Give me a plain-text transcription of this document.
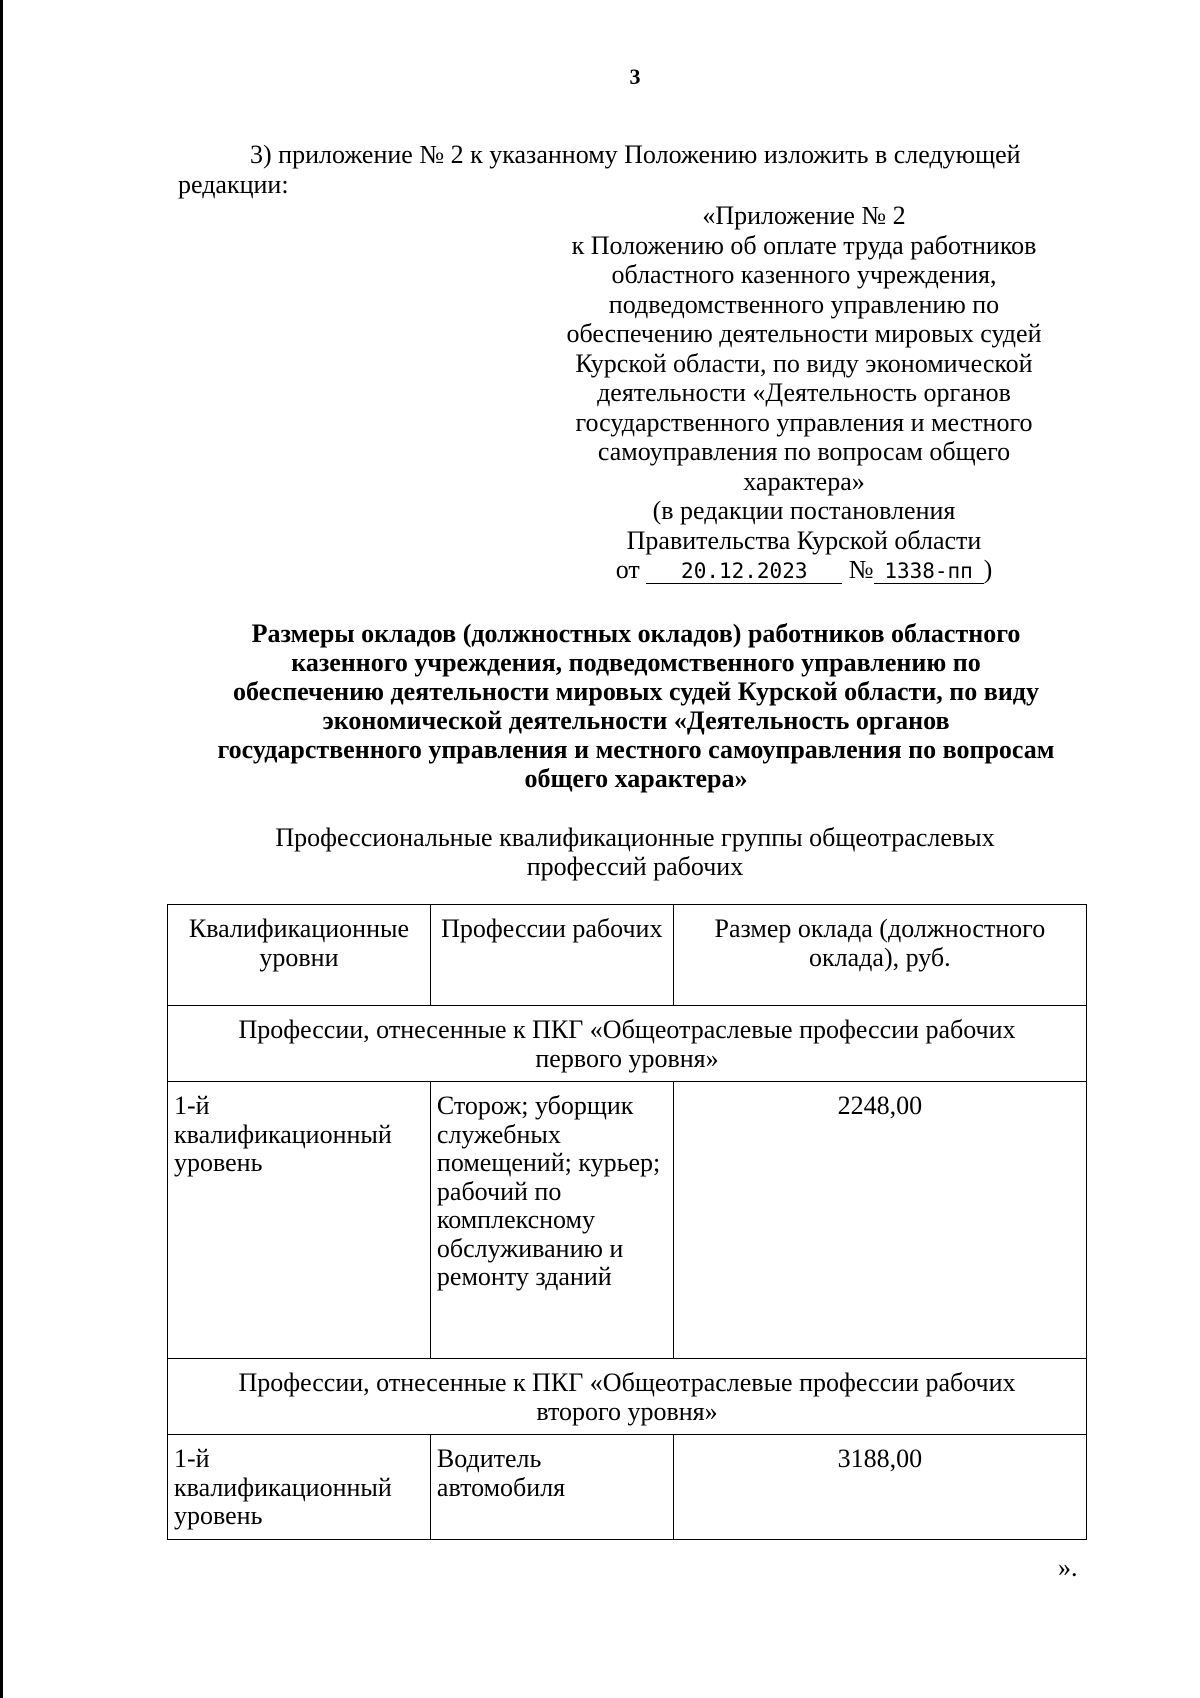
3
3) приложение № 2 к указанному Положению изложить в следующей редакции:
«Приложение № 2
к Положению об оплате труда работников
областного казенного учреждения,
подведомственного управлению по
обеспечению деятельности мировых судей
Курской области, по виду экономической
деятельности «Деятельность органов
государственного управления и местного
самоуправления по вопросам общего
характера»
(в редакции постановления
Правительства Курской области
от 20.12.2023 № 1338-пп )
Размеры окладов (должностных окладов) работников областного
казенного учреждения, подведомственного управлению по
обеспечению деятельности мировых судей Курской области, по виду
экономической деятельности «Деятельность органов
государственного управления и местного самоуправления по вопросам
общего характера»
Профессиональные квалификационные группы общеотраслевых
профессий рабочих
Квалификационные уровни	Профессии рабочих	Размер оклада (должностного оклада), руб.

Профессии, отнесенные к ПКГ «Общеотраслевые профессии рабочих
первого уровня»		

1-й квалификационный уровень	Сторож; уборщик служебных помещений; курьер; рабочий по комплексному обслуживанию и ремонту зданий	2248,00

Профессии, отнесенные к ПКГ «Общеотраслевые профессии рабочих
второго уровня»		

1-й квалификационный уровень	Водитель автомобиля	3188,00
».
